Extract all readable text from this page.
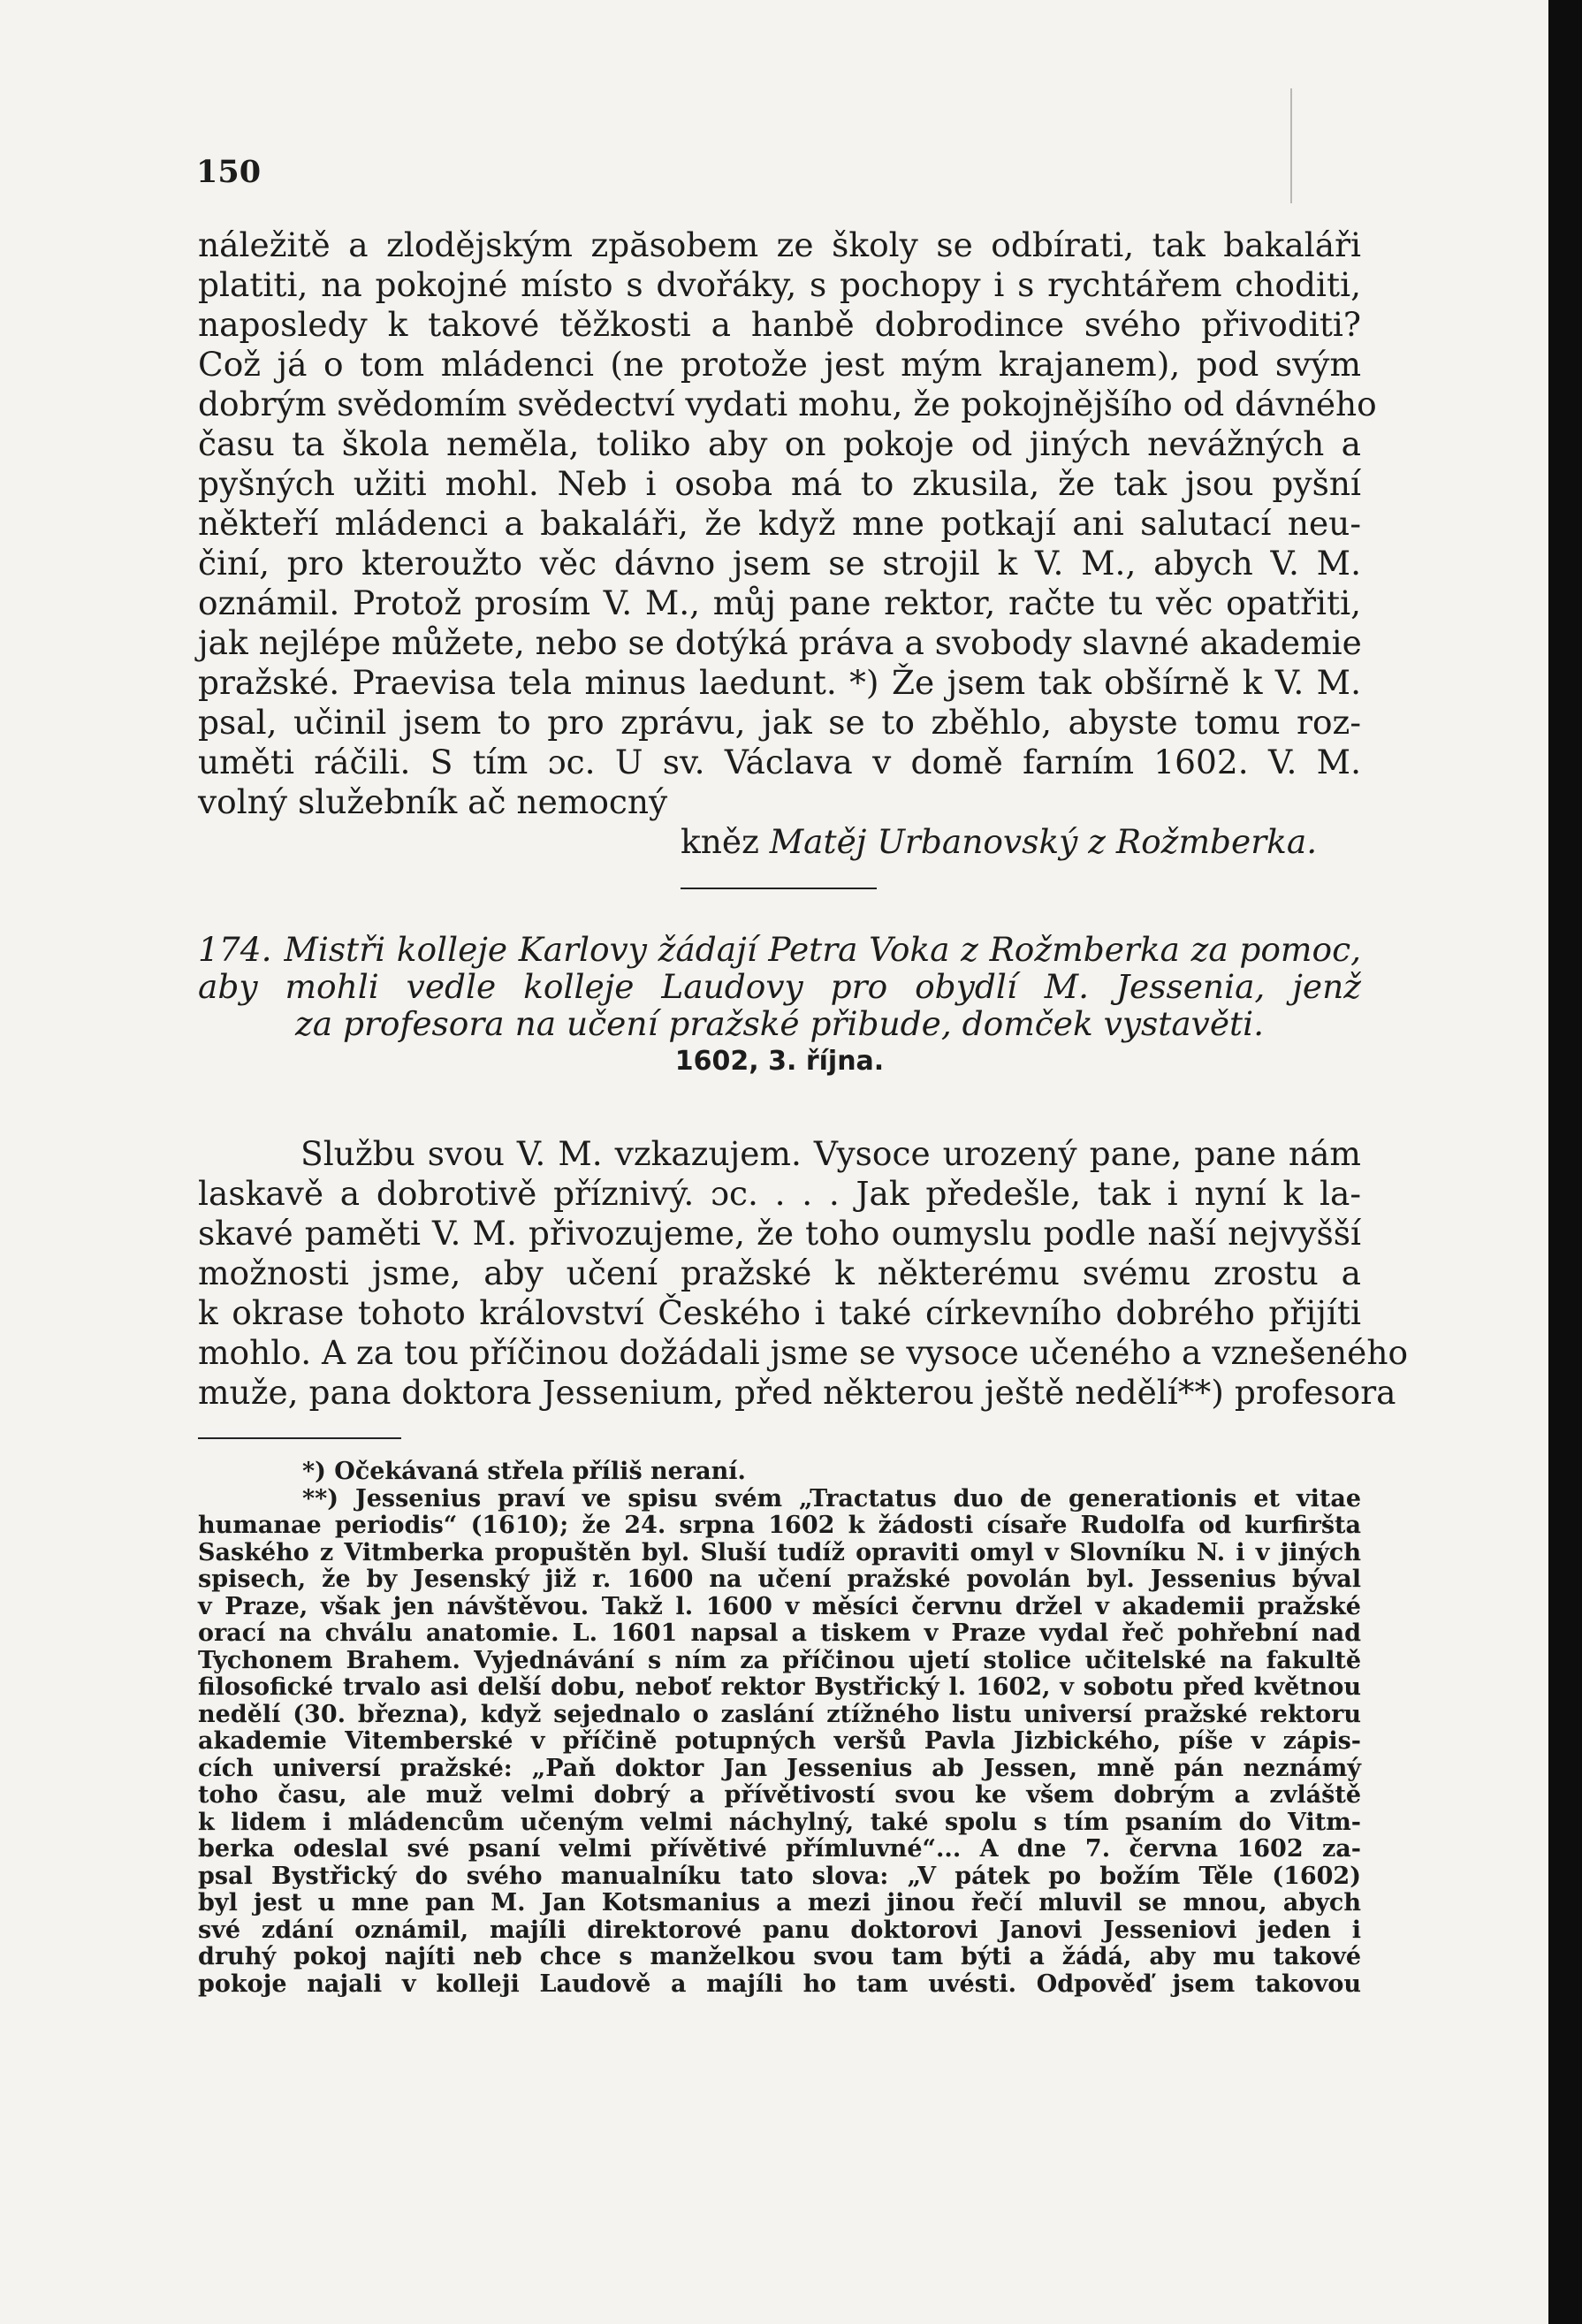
150
náležitě a zlodějským zpăsobem ze školy se odbírati, tak bakaláři
platiti, na pokojné místo s dvořáky, s pochopy i s rychtářem choditi,
naposledy k takové těžkosti a hanbě dobrodince svého přivoditi?
Což já o tom mládenci (ne protože jest mým krajanem), pod svým
dobrým svědomím svědectví vydati mohu, že pokojnějšího od dávného
času ta škola neměla, toliko aby on pokoje od jiných nevážných a
pyšných užiti mohl. Neb i osoba má to zkusila, že tak jsou pyšní
někteří mládenci a bakaláři, že když mne potkají ani salutací neu-
činí, pro kteroužto věc dávno jsem se strojil k V. M., abych V. M.
oznámil. Protož prosím V. M., můj pane rektor, račte tu věc opatřiti,
jak nejlépe můžete, nebo se dotýká práva a svobody slavné akademie
pražské. Praevisa tela minus laedunt. *) Že jsem tak obšírně k V. M.
psal, učinil jsem to pro zprávu, jak se to zběhlo, abyste tomu roz-
uměti ráčili. S tím ɔc. U sv. Václava v domě farním 1602. V. M.
volný služebník ač nemocný
kněz Matěj Urbanovský z Rožmberka.
174. Mistři kolleje Karlovy žádají Petra Voka z Rožmberka za pomoc,
aby mohli vedle kolleje Laudovy pro obydlí M. Jessenia, jenž
za profesora na učení pražské přibude, domček vystavěti.
1602, 3. října.
Službu svou V. M. vzkazujem. Vysoce urozený pane, pane nám
laskavě a dobrotivě příznivý. ɔc. . . . Jak předešle, tak i nyní k la-
skavé paměti V. M. přivozujeme, že toho oumyslu podle naší nejvyšší
možnosti jsme, aby učení pražské k některému svému zrostu a
k okrase tohoto království Českého i také církevního dobrého přijíti
mohlo. A za tou příčinou dožádali jsme se vysoce učeného a vznešeného
muže, pana doktora Jessenium, před některou ještě nedělí**) profesora
*) Očekávaná střela příliš neraní.
**) Jessenius praví ve spisu svém „Tractatus duo de generationis et vitae
humanae periodis“ (1610); že 24. srpna 1602 k žádosti císaře Rudolfa od kurfiršta
Saského z Vitmberka propuštěn byl. Sluší tudíž opraviti omyl v Slovníku N. i v jiných
spisech, že by Jesenský již r. 1600 na učení pražské povolán byl. Jessenius býval
v Praze, však jen návštěvou. Takž l. 1600 v měsíci červnu držel v akademii pražské
orací na chválu anatomie. L. 1601 napsal a tiskem v Praze vydal řeč pohřební nad
Tychonem Brahem. Vyjednávání s ním za příčinou ujetí stolice učitelské na fakultě
filosofické trvalo asi delší dobu, neboť rektor Bystřický l. 1602, v sobotu před květnou
nedělí (30. března), když sejednalo o zaslání ztížného listu universí pražské rektoru
akademie Vitemberské v příčině potupných veršů Pavla Jizbického, píše v zápis-
cích universí pražské: „Paň doktor Jan Jessenius ab Jessen, mně pán neznámý
toho času, ale muž velmi dobrý a přívětivostí svou ke všem dobrým a zvláště
k lidem i mládencům učeným velmi náchylný, také spolu s tím psaním do Vitm-
berka odeslal své psaní velmi přívětivé přímluvné“... A dne 7. června 1602 za-
psal Bystřický do svého manualníku tato slova: „V pátek po božím Těle (1602)
byl jest u mne pan M. Jan Kotsmanius a mezi jinou řečí mluvil se mnou, abych
své zdání oznámil, majíli direktorové panu doktorovi Janovi Jesseniovi jeden i
druhý pokoj najíti neb chce s manželkou svou tam býti a žádá, aby mu takové
pokoje najali v kolleji Laudově a majíli ho tam uvésti. Odpověď jsem takovou
